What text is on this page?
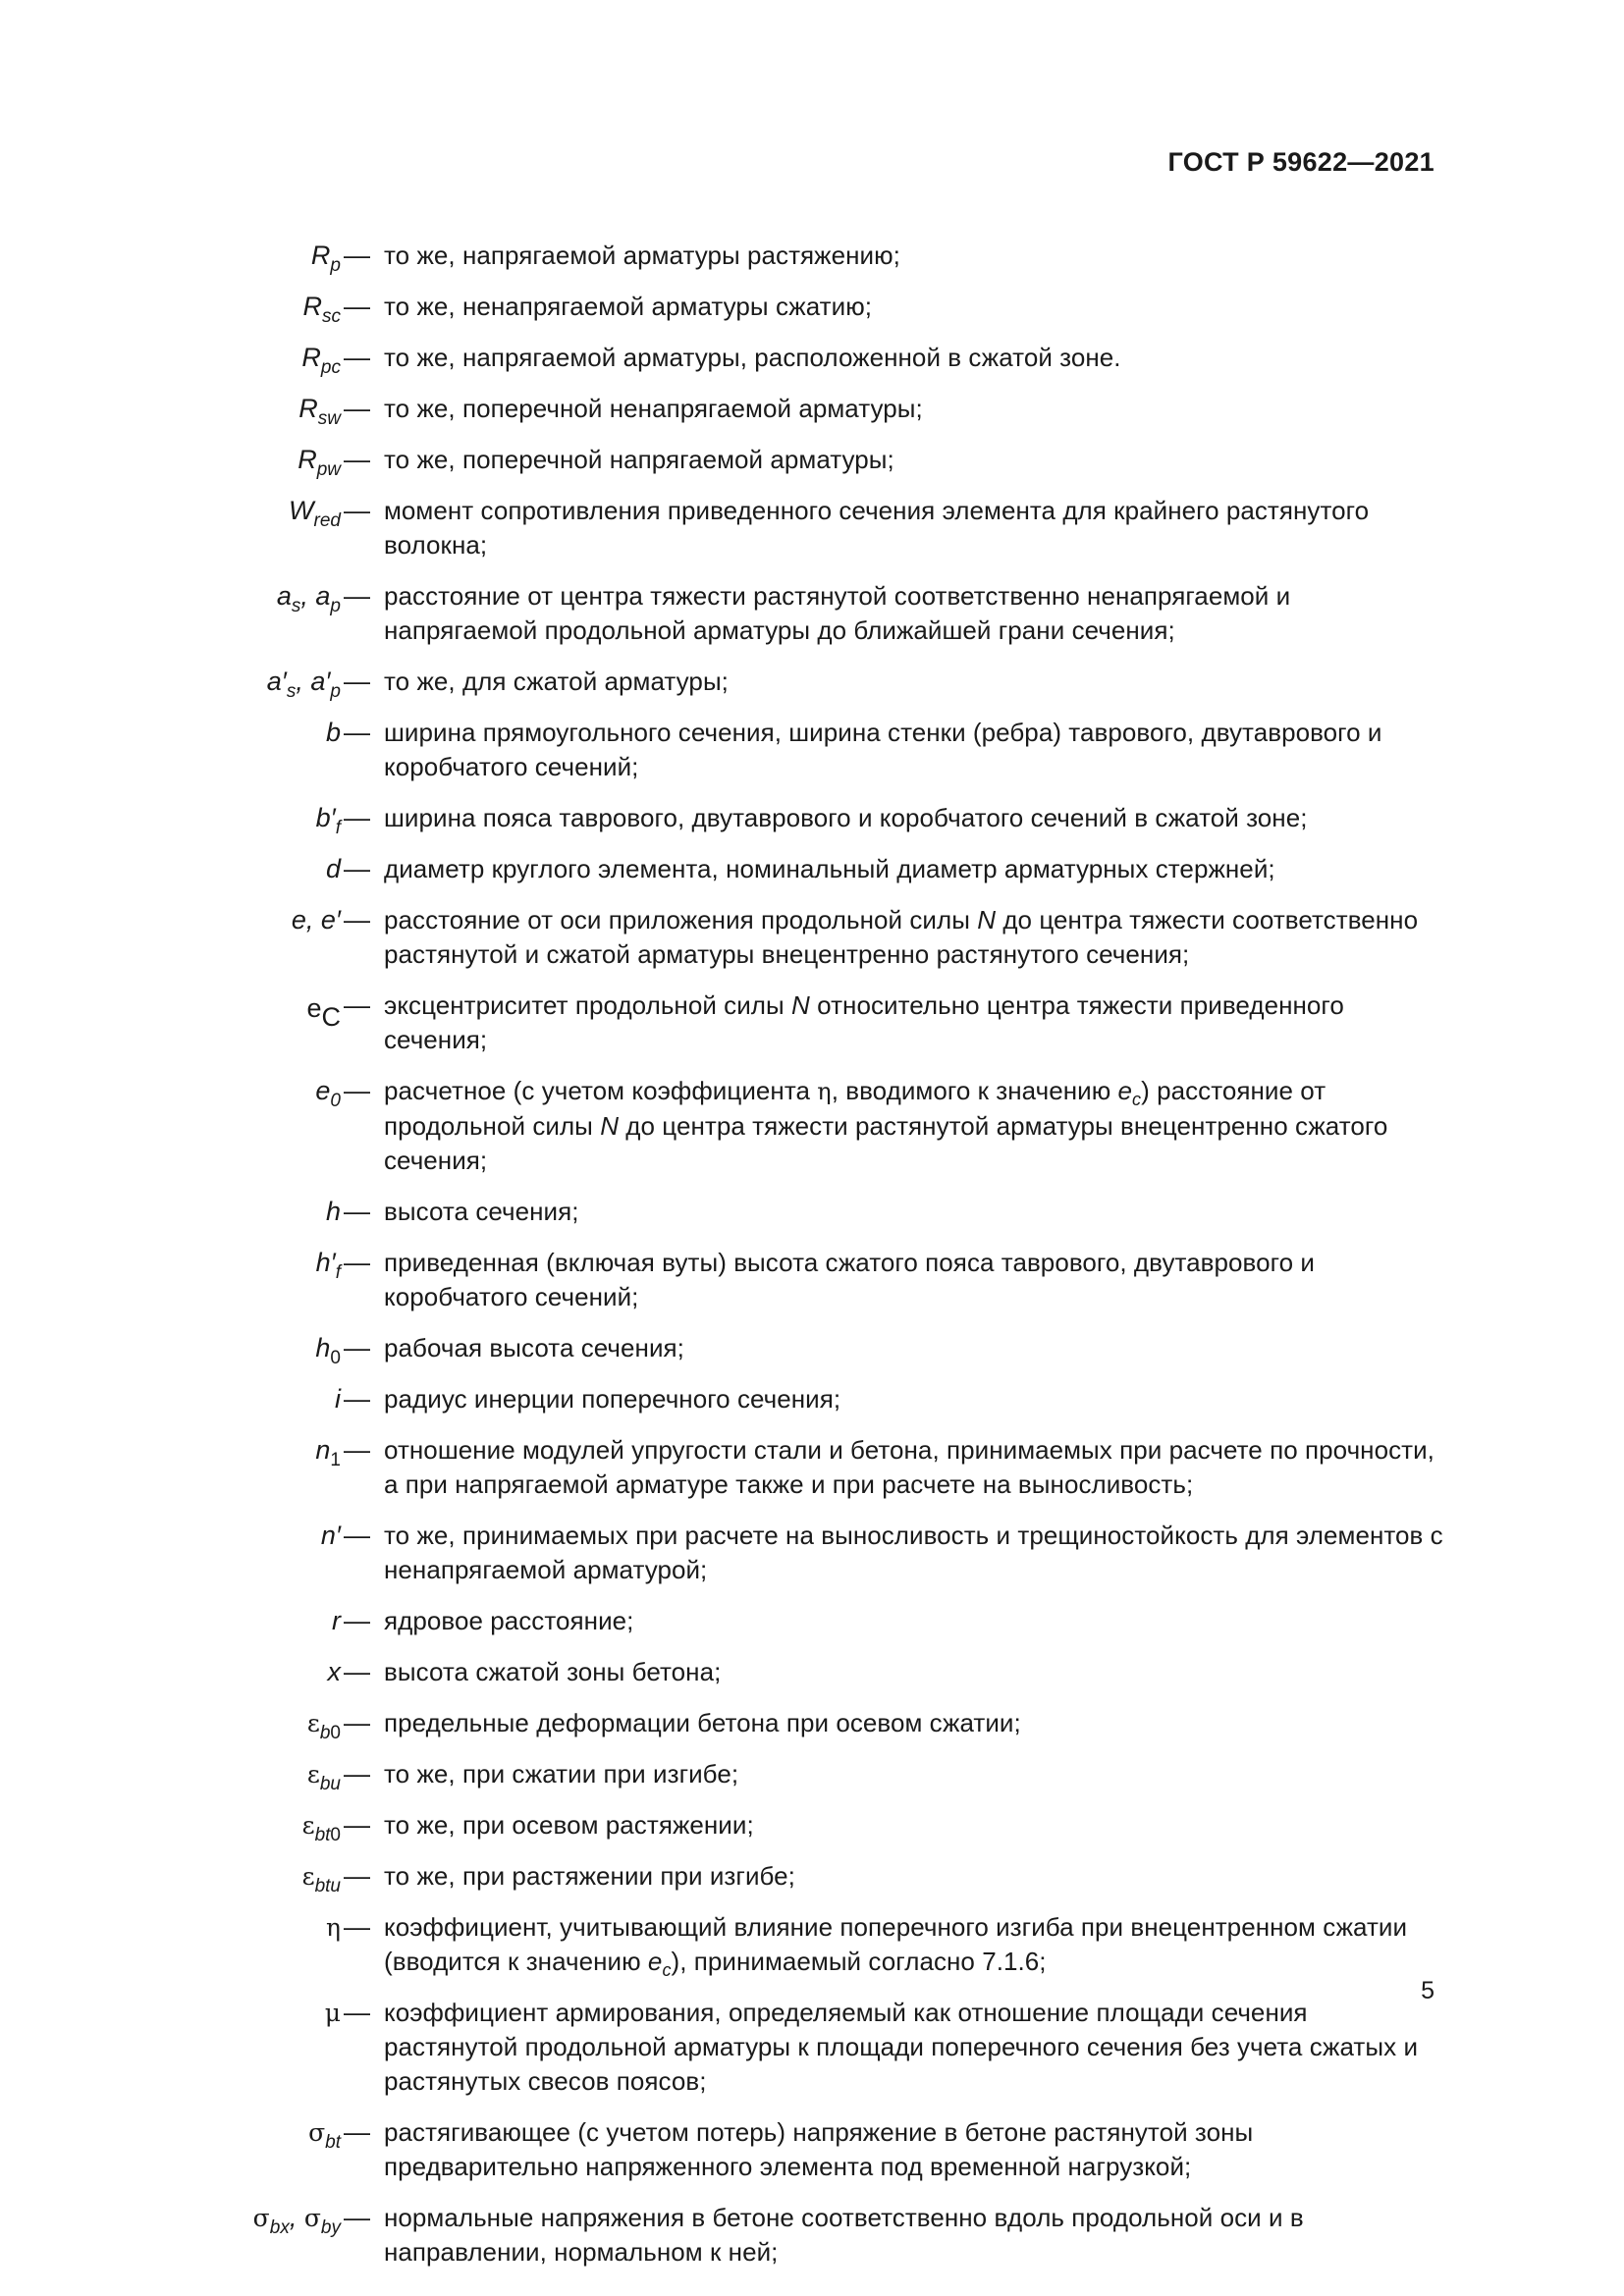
ГОСТ Р 59622—2021
$R_p$ — то же, напрягаемой арматуры растяжению;
$R_{sc}$ — то же, ненапрягаемой арматуры сжатию;
$R_{pc}$ — то же, напрягаемой арматуры, расположенной в сжатой зоне.
$R_{sw}$ — то же, поперечной ненапрягаемой арматуры;
$R_{pw}$ — то же, поперечной напрягаемой арматуры;
$W_{red}$ — момент сопротивления приведенного сечения элемента для крайнего растянутого волокна;
$a_s$, $a_p$ — расстояние от центра тяжести растянутой соответственно ненапрягаемой и напрягаемой продольной арматуры до ближайшей грани сечения;
$a'_s$, $a'_p$ — то же, для сжатой арматуры;
b — ширина прямоугольного сечения, ширина стенки (ребра) таврового, двутаврового и коробчатого сечений;
$b'_f$ — ширина пояса таврового, двутаврового и коробчатого сечений в сжатой зоне;
d — диаметр круглого элемента, номинальный диаметр арматурных стержней;
e, e′ — расстояние от оси приложения продольной силы N до центра тяжести соответственно растянутой и сжатой арматуры внецентренно растянутого сечения;
$e_C$ — эксцентриситет продольной силы N относительно центра тяжести приведенного сечения;
$e_0$ — расчетное (с учетом коэффициента η, вводимого к значению $e_c$) расстояние от продольной силы N до центра тяжести растянутой арматуры внецентренно сжатого сечения;
h — высота сечения;
$h'_f$ — приведенная (включая вуты) высота сжатого пояса таврового, двутаврового и коробчатого сечений;
$h_0$ — рабочая высота сечения;
i — радиус инерции поперечного сечения;
$n_1$ — отношение модулей упругости стали и бетона, принимаемых при расчете по прочности, а при напрягаемой арматуре также и при расчете на выносливость;
n′ — то же, принимаемых при расчете на выносливость и трещиностойкость для элементов с ненапрягаемой арматурой;
r — ядровое расстояние;
x — высота сжатой зоны бетона;
$\varepsilon_{b0}$ — предельные деформации бетона при осевом сжатии;
$\varepsilon_{bu}$ — то же, при сжатии при изгибе;
$\varepsilon_{bt0}$ — то же, при осевом растяжении;
$\varepsilon_{btu}$ — то же, при растяжении при изгибе;
η — коэффициент, учитывающий влияние поперечного изгиба при внецентренном сжатии (вводится к значению $e_c$), принимаемый согласно 7.1.6;
μ — коэффициент армирования, определяемый как отношение площади сечения растянутой продольной арматуры к площади поперечного сечения без учета сжатых и растянутых свесов поясов;
$\sigma_{bt}$ — растягивающее (с учетом потерь) напряжение в бетоне растянутой зоны предварительно напряженного элемента под временной нагрузкой;
$\sigma_{bx}$, $\sigma_{by}$ — нормальные напряжения в бетоне соответственно вдоль продольной оси и в направлении, нормальном к ней;
5
